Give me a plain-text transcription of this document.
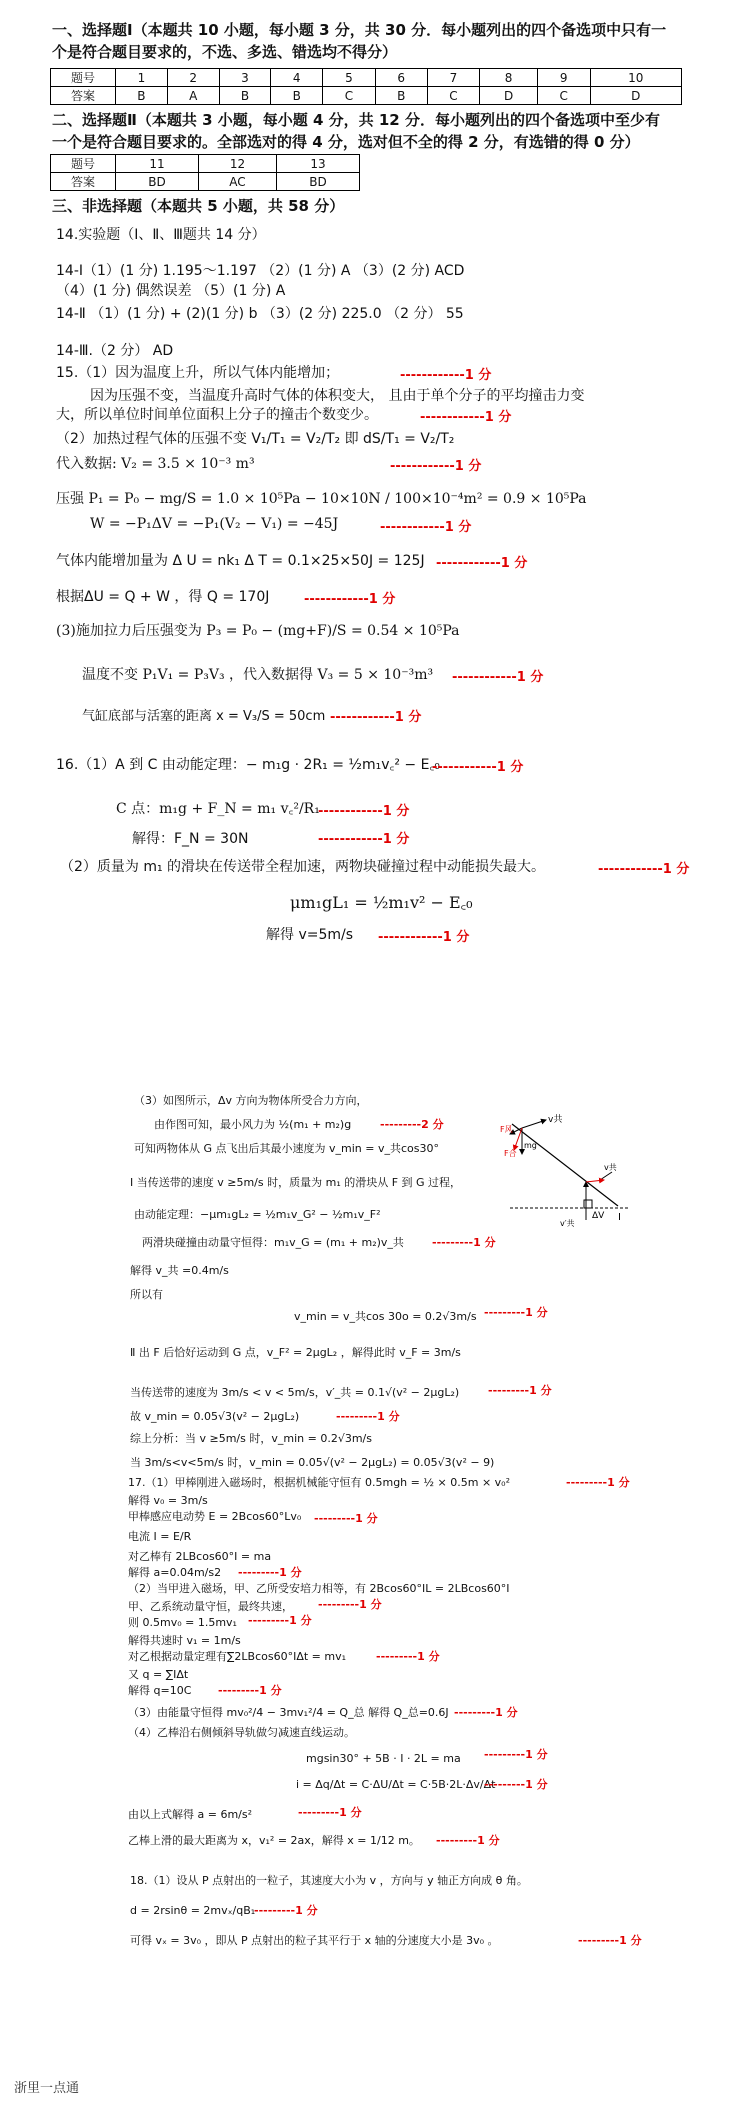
一、选择题Ⅰ（本题共 10 小题，每小题 3 分，共 30 分．每小题列出的四个备选项中只有一
个是符合题目要求的，不选、多选、错选均不得分）
题号	1	2	3	4	5	6	7	8	9	10
答案	B	A	B	B	C	B	C	D	C	D
二、选择题Ⅱ（本题共 3 小题，每小题 4 分，共 12 分．每小题列出的四个备选项中至少有
一个是符合题目要求的。全部选对的得 4 分，选对但不全的得 2 分，有选错的得 0 分）
题号	11	12	13
答案	BD	AC	BD
三、非选择题（本题共 5 小题，共 58 分）
14.实验题（Ⅰ、Ⅱ、Ⅲ题共 14 分）
14-Ⅰ（1）(1 分) 1.195～1.197 （2）(1 分) A （3）(2 分) ACD
（4）(1 分) 偶然误差 （5）(1 分) A
14-Ⅱ （1）(1 分) + (2)(1 分) b （3）(2 分) 225.0 （2 分） 55
14-Ⅲ.（2 分） AD
15.（1）因为温度上升，所以气体内能增加；	------------1 分
因为压强不变，当温度升高时气体的体积变大， 且由于单个分子的平均撞击力变
大，所以单位时间单位面积上分子的撞击个数变少。	------------1 分
（2）加热过程气体的压强不变 V₁/T₁ = V₂/T₂ 即 dS/T₁ = V₂/T₂
代入数据: V₂ = 3.5 × 10⁻³ m³	------------1 分
压强 P₁ = P₀ − mg/S = 1.0 × 10⁵Pa − 10×10N / 100×10⁻⁴m² = 0.9 × 10⁵Pa
W = −P₁ΔV = −P₁(V₂ − V₁) = −45J	------------1 分
气体内能增加量为 Δ U = nk₁ Δ T = 0.1×25×50J = 125J ------------1 分
根据ΔU = Q + W ，得 Q = 170J	------------1 分
(3)施加拉力后压强变为 P₃ = P₀ − (mg+F)/S = 0.54 × 10⁵Pa
温度不变 P₁V₁ = P₃V₃ ，代入数据得 V₃ = 5 × 10⁻³m³ ------------1 分
气缸底部与活塞的距离 x = V₃/S = 50cm ------------1 分
16.（1）A 到 C 由动能定理：− m₁g · 2R₁ = ½m₁v꜀² − E꜀₀
------------1 分
C 点：m₁g + F_N = m₁ v꜀²/R₁
------------1 分
解得：F_N = 30N	------------1 分
（2）质量为 m₁ 的滑块在传送带全程加速，两物块碰撞过程中动能损失最大。	------------1 分
μm₁gL₁ = ½m₁v² − E꜀₀
解得 v=5m/s ------------1 分
（3）如图所示，Δv 方向为物体所受合力方向，
由作图可知，最小风力为 ½(m₁ + m₂)g	---------2 分
可知两物体从 G 点飞出后其最小速度为 v_min = v_共cos30°
Ⅰ 当传送带的速度 v ≥5m/s 时，质量为 m₁ 的滑块从 F 到 G 过程，
由动能定理：−μm₁gL₂ = ½m₁v_G² − ½m₁v_F²
两滑块碰撞由动量守恒得：m₁v_G = (m₁ + m₂)v_共	---------1 分
解得 v_共 =0.4m/s
所以有
v_min = v_共cos 30o = 0.2√3m/s ---------1 分
Ⅱ 出 F 后恰好运动到 G 点，v_F² = 2μgL₂ ，解得此时 v_F = 3m/s
当传送带的速度为 3m/s < v < 5m/s，v′_共 = 0.1√(v² − 2μgL₂)	---------1 分
故 v_min = 0.05√3(v² − 2μgL₂)	---------1 分
综上分析：当 v ≥5m/s 时，v_min = 0.2√3m/s
当 3m/s<v<5m/s 时，v_min = 0.05√(v² − 2μgL₂) = 0.05√3(v² − 9)
v共
F风
mg
F合
v共
v′共
ΔV Ⅰ
17.（1）甲棒刚进入磁场时，根据机械能守恒有 0.5mgh = ½ × 0.5m × v₀²	---------1 分
解得 v₀ = 3m/s
甲棒感应电动势 E = 2Bcos60°Lv₀ ---------1 分
电流 I = E/R
对乙棒有 2LBcos60°I = ma
解得 a=0.04m/s2 ---------1 分
（2）当甲进入磁场，甲、乙所受安培力相等，有 2Bcos60°IL = 2LBcos60°I
甲、乙系统动量守恒，最终共速， ---------1 分
则 0.5mv₀ = 1.5mv₁ ---------1 分
解得共速时 v₁ = 1m/s
对乙根据动量定理有∑2LBcos60°IΔt = mv₁	---------1 分
又 q = ∑IΔt
解得 q=10C ---------1 分
（3）由能量守恒得 mv₀²/4 − 3mv₁²/4 = Q_总 解得 Q_总=0.6J ---------1 分
（4）乙棒沿右侧倾斜导轨做匀减速直线运动。
mgsin30° + 5B · I · 2L = ma ---------1 分
i = Δq/Δt = C·ΔU/Δt = C·5B·2L·Δv/Δt
---------1 分
由以上式解得 a = 6m/s²	---------1 分
乙棒上滑的最大距离为 x，v₁² = 2ax，解得 x = 1/12 m。 ---------1 分
18.（1）设从 P 点射出的一粒子，其速度大小为 v ，方向与 y 轴正方向成 θ 角。
d = 2rsinθ = 2mvₓ/qB₁
---------1 分
可得 vₓ = 3v₀ ，即从 P 点射出的粒子其平行于 x 轴的分速度大小是 3v₀ 。	---------1 分
浙里一点通
